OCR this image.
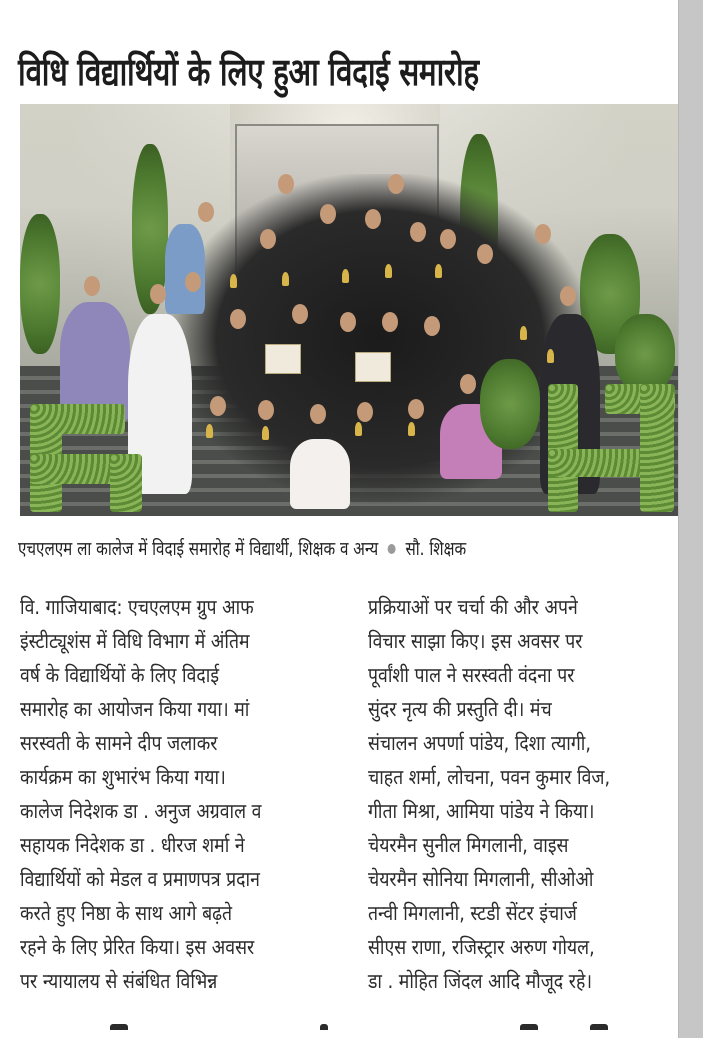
विधि विद्यार्थियों के लिए हुआ विदाई समारोह
एचएलएम ला कालेज में विदाई समारोह में विद्यार्थी, शिक्षक व अन्य सौ. शिक्षक
वि. गाजियाबाद: एचएलएम ग्रुप आफ
इंस्टीट्यूशंस में विधि विभाग में अंतिम
वर्ष के विद्यार्थियों के लिए विदाई
समारोह का आयोजन किया गया। मां
सरस्वती के सामने दीप जलाकर
कार्यक्रम का शुभारंभ किया गया।
कालेज निदेशक डा . अनुज अग्रवाल व
सहायक निदेशक डा . धीरज शर्मा ने
विद्यार्थियों को मेडल व प्रमाणपत्र प्रदान
करते हुए निष्ठा के साथ आगे बढ़ते
रहने के लिए प्रेरित किया। इस अवसर
पर न्यायालय से संबंधित विभिन्न
प्रक्रियाओं पर चर्चा की और अपने
विचार साझा किए। इस अवसर पर
पूर्वांशी पाल ने सरस्वती वंदना पर
सुंदर नृत्य की प्रस्तुति दी। मंच
संचालन अपर्णा पांडेय, दिशा त्यागी,
चाहत शर्मा, लोचना, पवन कुमार विज,
गीता मिश्रा, आमिया पांडेय ने किया।
चेयरमैन सुनील मिगलानी, वाइस
चेयरमैन सोनिया मिगलानी, सीओओ
तन्वी मिगलानी, स्टडी सेंटर इंचार्ज
सीएस राणा, रजिस्ट्रार अरुण गोयल,
डा . मोहित जिंदल आदि मौजूद रहे।
